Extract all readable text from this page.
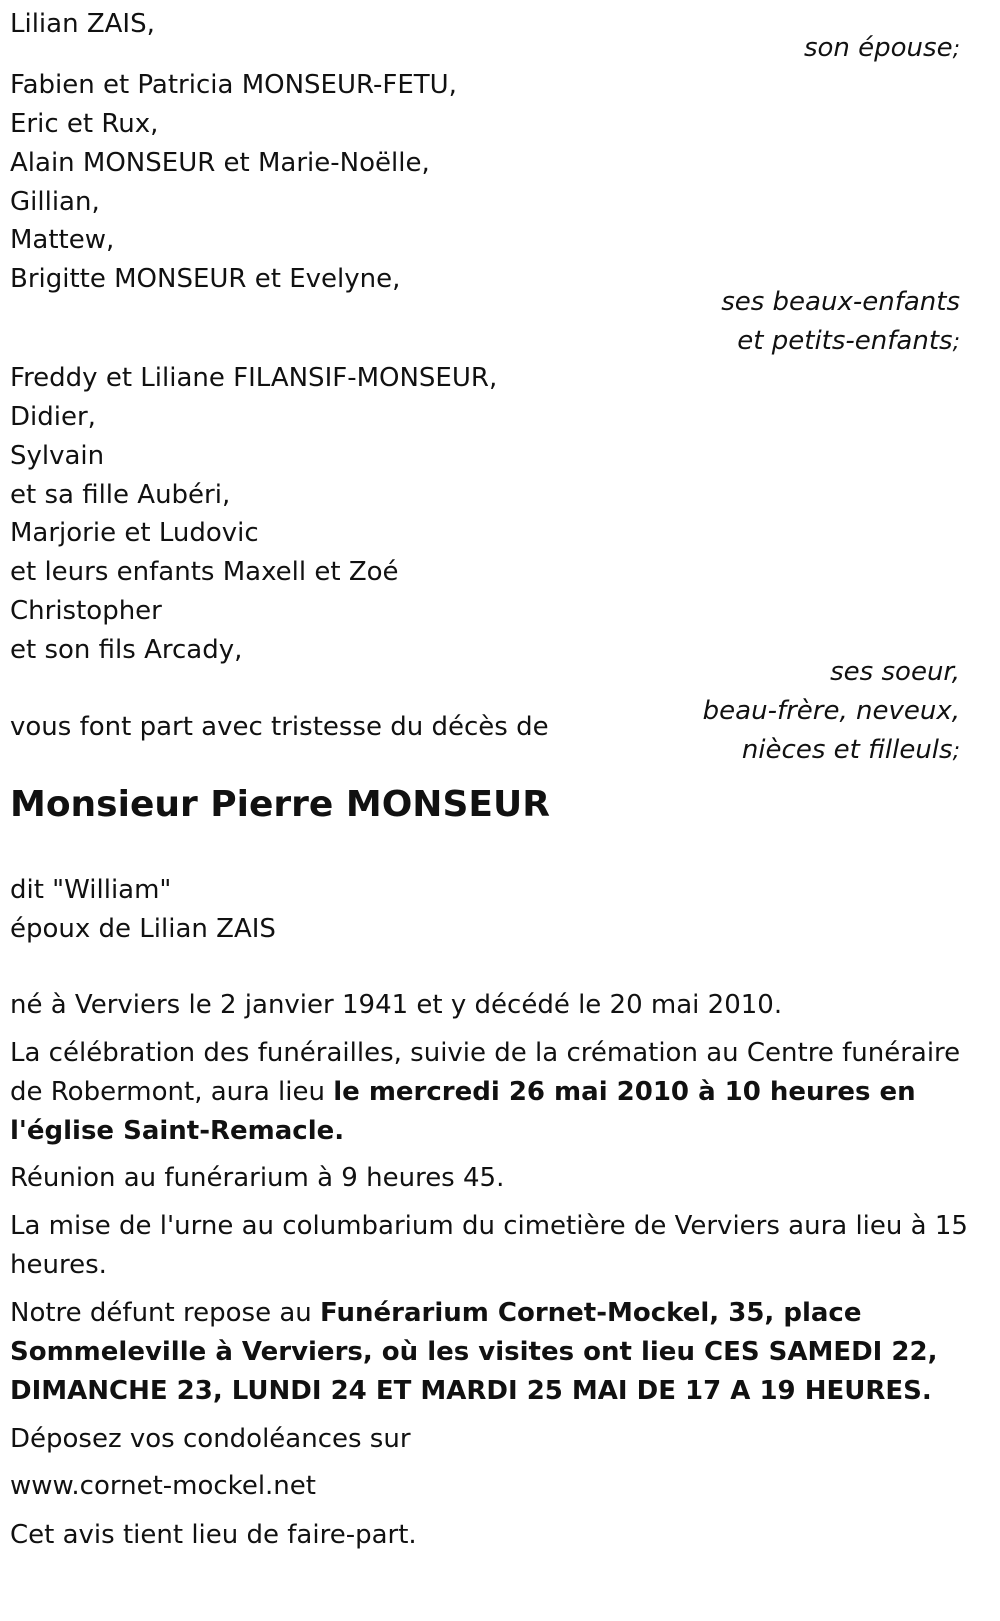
Lilian ZAIS,
son épouse;
Fabien et Patricia MONSEUR-FETU,
Eric et Rux,
Alain MONSEUR et Marie-Noëlle,
Gillian,
Mattew,
Brigitte MONSEUR et Evelyne,
ses beaux-enfants
et petits-enfants;
Freddy et Liliane FILANSIF-MONSEUR,
Didier,
Sylvain
et sa fille Aubéri,
Marjorie et Ludovic
et leurs enfants Maxell et Zoé
Christopher
et son fils Arcady,
ses soeur,
beau-frère, neveux,
nièces et filleuls;
vous font part avec tristesse du décès de
Monsieur Pierre MONSEUR
dit "William"
époux de Lilian ZAIS
né à Verviers le 2 janvier 1941 et y décédé le 20 mai 2010.
La célébration des funérailles, suivie de la crémation au Centre funéraire de Robermont, aura lieu le mercredi 26 mai 2010 à 10 heures en l'église Saint-Remacle.
Réunion au funérarium à 9 heures 45.
La mise de l'urne au columbarium du cimetière de Verviers aura lieu à 15 heures.
Notre défunt repose au Funérarium Cornet-Mockel, 35, place Sommeleville à Verviers, où les visites ont lieu CES SAMEDI 22, DIMANCHE 23, LUNDI 24 ET MARDI 25 MAI DE 17 A 19 HEURES.
Déposez vos condoléances sur
www.cornet-mockel.net
Cet avis tient lieu de faire-part.
